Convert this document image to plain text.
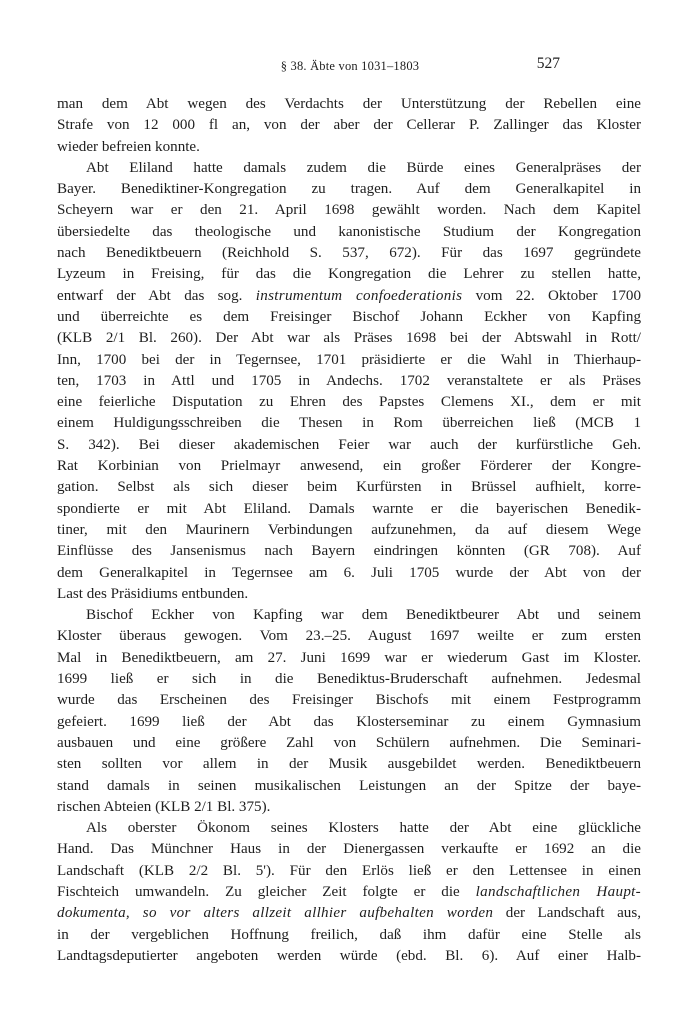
§ 38. Äbte von 1031–1803	527
man dem Abt wegen des Verdachts der Unterstützung der Rebellen eine
Strafe von 12 000 fl an, von der aber der Cellerar P. Zallinger das Kloster
wieder befreien konnte.
Abt Eliland hatte damals zudem die Bürde eines Generalpräses der
Bayer. Benediktiner-Kongregation zu tragen. Auf dem Generalkapitel in
Scheyern war er den 21. April 1698 gewählt worden. Nach dem Kapitel
übersiedelte das theologische und kanonistische Studium der Kongregation
nach Benediktbeuern (Reichhold S. 537, 672). Für das 1697 gegründete
Lyzeum in Freising, für das die Kongregation die Lehrer zu stellen hatte,
entwarf der Abt das sog. instrumentum confoederationis vom 22. Oktober 1700
und überreichte es dem Freisinger Bischof Johann Eckher von Kapfing
(KLB 2/1 Bl. 260). Der Abt war als Präses 1698 bei der Abtswahl in Rott/
Inn, 1700 bei der in Tegernsee, 1701 präsidierte er die Wahl in Thierhaup-
ten, 1703 in Attl und 1705 in Andechs. 1702 veranstaltete er als Präses
eine feierliche Disputation zu Ehren des Papstes Clemens XI., dem er mit
einem Huldigungsschreiben die Thesen in Rom überreichen ließ (MCB 1
S. 342). Bei dieser akademischen Feier war auch der kurfürstliche Geh.
Rat Korbinian von Prielmayr anwesend, ein großer Förderer der Kongre-
gation. Selbst als sich dieser beim Kurfürsten in Brüssel aufhielt, korre-
spondierte er mit Abt Eliland. Damals warnte er die bayerischen Benedik-
tiner, mit den Maurinern Verbindungen aufzunehmen, da auf diesem Wege
Einflüsse des Jansenismus nach Bayern eindringen könnten (GR 708). Auf
dem Generalkapitel in Tegernsee am 6. Juli 1705 wurde der Abt von der
Last des Präsidiums entbunden.
Bischof Eckher von Kapfing war dem Benediktbeurer Abt und seinem
Kloster überaus gewogen. Vom 23.–25. August 1697 weilte er zum ersten
Mal in Benediktbeuern, am 27. Juni 1699 war er wiederum Gast im Kloster.
1699 ließ er sich in die Benediktus-Bruderschaft aufnehmen. Jedesmal
wurde das Erscheinen des Freisinger Bischofs mit einem Festprogramm
gefeiert. 1699 ließ der Abt das Klosterseminar zu einem Gymnasium
ausbauen und eine größere Zahl von Schülern aufnehmen. Die Seminari-
sten sollten vor allem in der Musik ausgebildet werden. Benediktbeuern
stand damals in seinen musikalischen Leistungen an der Spitze der baye-
rischen Abteien (KLB 2/1 Bl. 375).
Als oberster Ökonom seines Klosters hatte der Abt eine glückliche
Hand. Das Münchner Haus in der Dienergassen verkaufte er 1692 an die
Landschaft (KLB 2/2 Bl. 5'). Für den Erlös ließ er den Lettensee in einen
Fischteich umwandeln. Zu gleicher Zeit folgte er die landschaftlichen Haupt-
dokumenta, so vor alters allzeit allhier aufbehalten worden der Landschaft aus,
in der vergeblichen Hoffnung freilich, daß ihm dafür eine Stelle als
Landtagsdeputierter angeboten werden würde (ebd. Bl. 6). Auf einer Halb-
